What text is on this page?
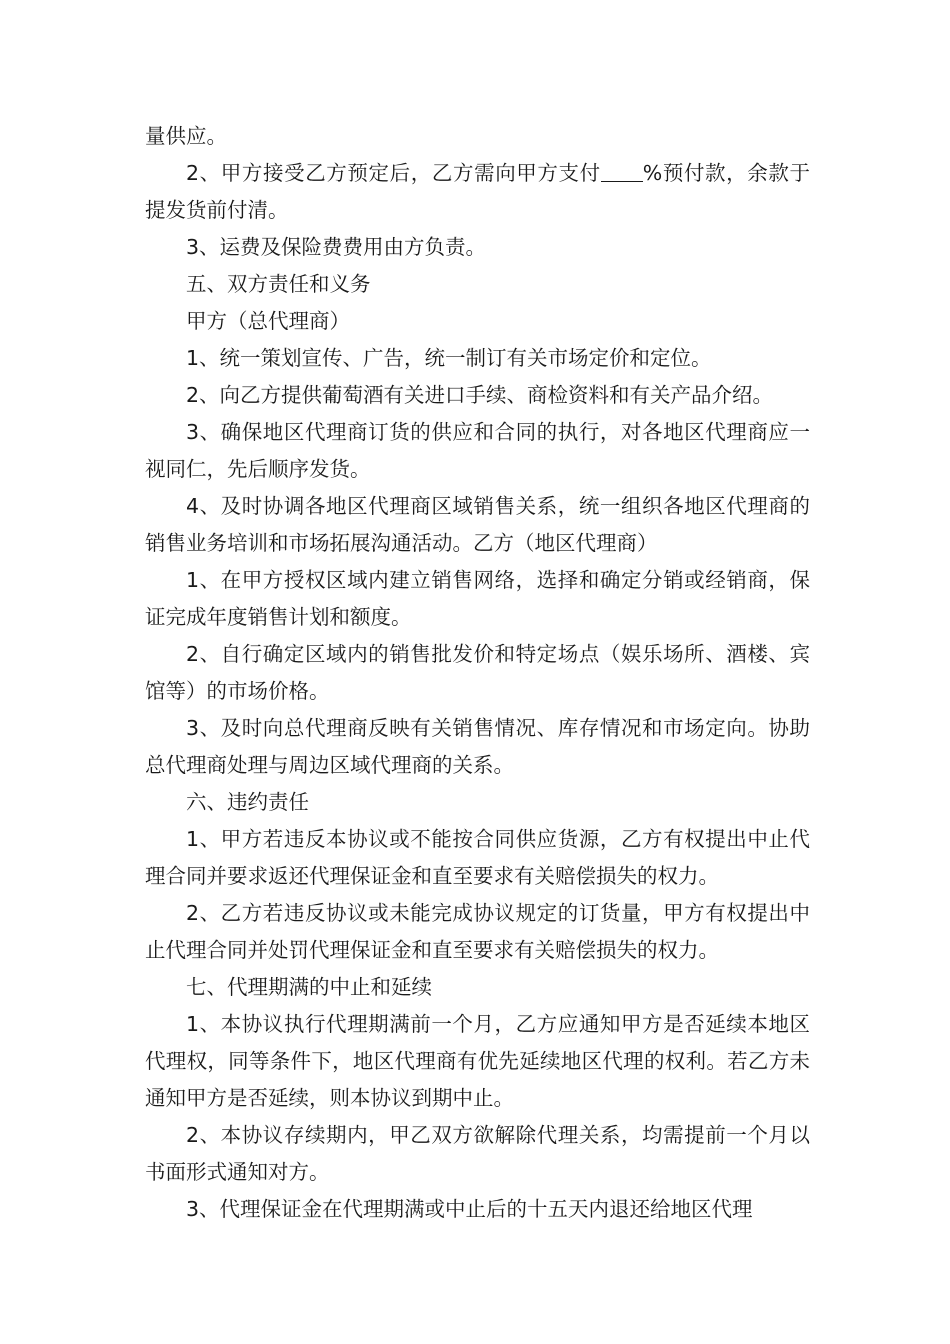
量供应。

2、甲方接受乙方预定后，乙方需向甲方支付 %预付款，余款于提发货前付清。

3、运费及保险费费用由方负责。

五、双方责任和义务

甲方（总代理商）

1、统一策划宣传、广告，统一制订有关市场定价和定位。

2、向乙方提供葡萄酒有关进口手续、商检资料和有关产品介绍。

3、确保地区代理商订货的供应和合同的执行，对各地区代理商应一视同仁，先后顺序发货。

4、及时协调各地区代理商区域销售关系，统一组织各地区代理商的销售业务培训和市场拓展沟通活动。乙方（地区代理商）

1、在甲方授权区域内建立销售网络，选择和确定分销或经销商，保证完成年度销售计划和额度。

2、自行确定区域内的销售批发价和特定场点（娱乐场所、酒楼、宾馆等）的市场价格。

3、及时向总代理商反映有关销售情况、库存情况和市场定向。协助总代理商处理与周边区域代理商的关系。

六、违约责任

1、甲方若违反本协议或不能按合同供应货源，乙方有权提出中止代理合同并要求返还代理保证金和直至要求有关赔偿损失的权力。

2、乙方若违反协议或未能完成协议规定的订货量，甲方有权提出中止代理合同并处罚代理保证金和直至要求有关赔偿损失的权力。

七、代理期满的中止和延续

1、本协议执行代理期满前一个月，乙方应通知甲方是否延续本地区代理权，同等条件下，地区代理商有优先延续地区代理的权利。若乙方未通知甲方是否延续，则本协议到期中止。

2、本协议存续期内，甲乙双方欲解除代理关系，均需提前一个月以书面形式通知对方。

3、代理保证金在代理期满或中止后的十五天内退还给地区代理
